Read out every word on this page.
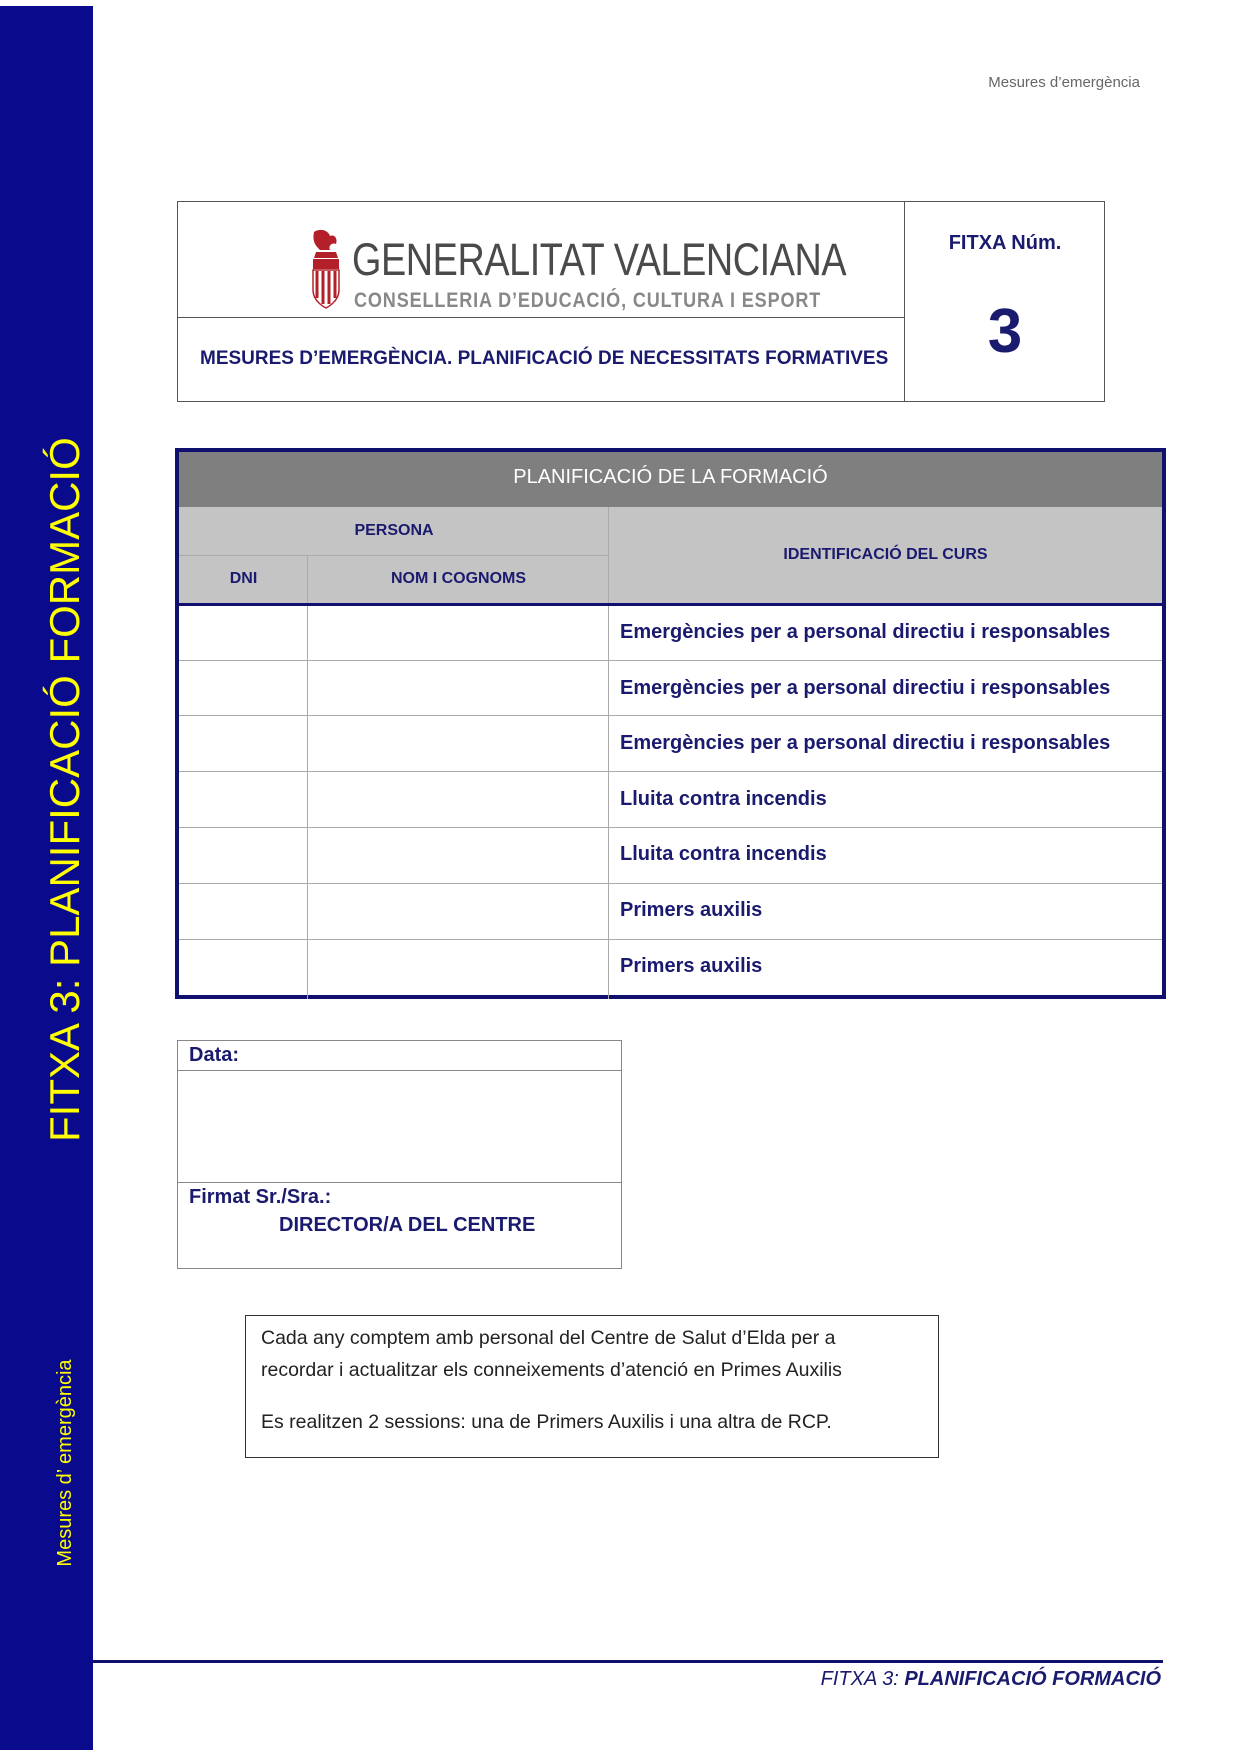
FITXA 3: PLANIFICACIÓ FORMACIÓ
Mesures d’ emergència
Mesures d’emergència
GENERALITAT VALENCIANA
CONSELLERIA D’EDUCACIÓ, CULTURA I ESPORT
MESURES D’EMERGÈNCIA. PLANIFICACIÓ DE NECESSITATS FORMATIVES
FITXA Núm.
3
PLANIFICACIÓ DE LA FORMACIÓ
PERSONA
DNI	NOM I COGNOMS
IDENTIFICACIÓ DEL CURS
Emergències per a personal directiu i responsables
Emergències per a personal directiu i responsables
Emergències per a personal directiu i responsables
Lluita contra incendis
Lluita contra incendis
Primers auxilis
Primers auxilis
Data:
Firmat Sr./Sra.:
DIRECTOR/A DEL CENTRE
Cada any comptem amb personal del Centre de Salut d’Elda per a
recordar i actualitzar els conneixements d’atenció en Primes Auxilis
Es realitzen 2 sessions: una de Primers Auxilis i una altra de RCP.
FITXA 3: PLANIFICACIÓ FORMACIÓ
